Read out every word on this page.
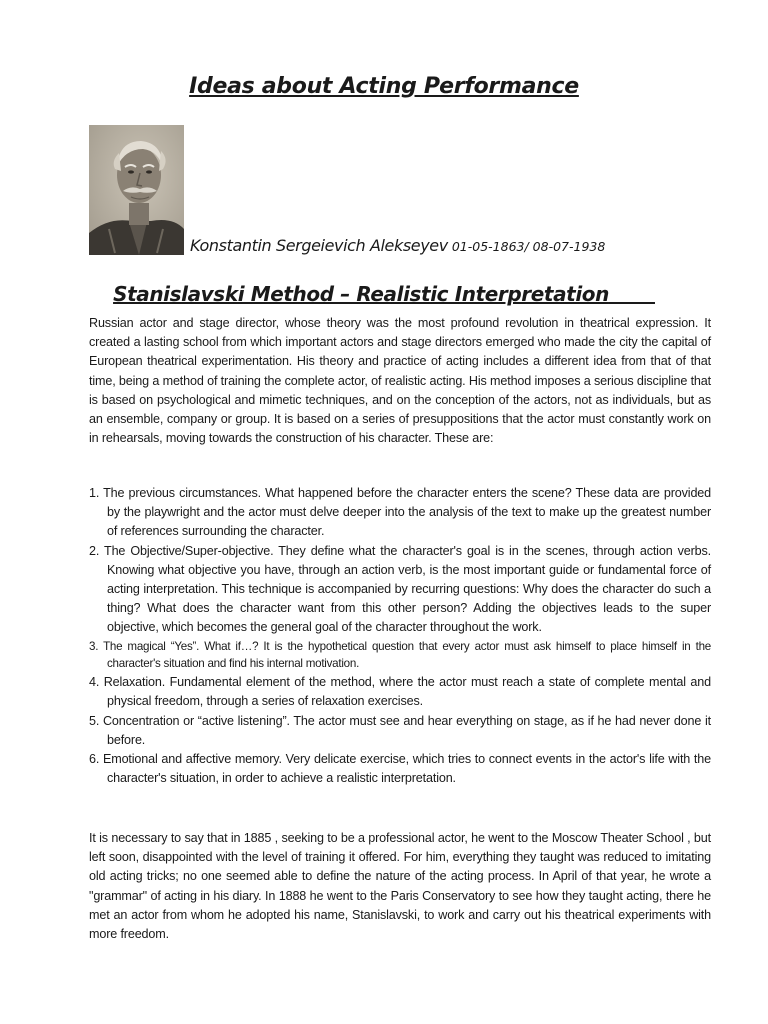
Ideas about Acting Performance
Konstantin Sergeievich Alekseyev 01-05-1863/ 08-07-1938
Stanislavski Method – Realistic Interpretation

Russian actor and stage director, whose theory was the most profound revolution in theatrical expression. It created a lasting school from which important actors and stage directors emerged who made the city the capital of European theatrical experimentation. His theory and practice of acting includes a different idea from that of that time, being a method of training the complete actor, of realistic acting. His method imposes a serious discipline that is based on psychological and mimetic techniques, and on the conception of the actors, not as individuals, but as an ensemble, company or group. It is based on a series of presuppositions that the actor must constantly work on in rehearsals, moving towards the construction of his character. These are:

1. The previous circumstances. What happened before the character enters the scene? These data are provided by the playwright and the actor must delve deeper into the analysis of the text to make up the greatest number of references surrounding the character.
2. The Objective/Super-objective. They define what the character's goal is in the scenes, through action verbs. Knowing what objective you have, through an action verb, is the most important guide or fundamental force of acting interpretation. This technique is accompanied by recurring questions: Why does the character do such a thing? What does the character want from this other person? Adding the objectives leads to the super objective, which becomes the general goal of the character throughout the work.
3. The magical “Yes”. What if…? It is the hypothetical question that every actor must ask himself to place himself in the character's situation and find his internal motivation.
4. Relaxation. Fundamental element of the method, where the actor must reach a state of complete mental and physical freedom, through a series of relaxation exercises.
5. Concentration or “active listening”. The actor must see and hear everything on stage, as if he had never done it before.
6. Emotional and affective memory. Very delicate exercise, which tries to connect events in the actor's life with the character's situation, in order to achieve a realistic interpretation.

It is necessary to say that in 1885 , seeking to be a professional actor, he went to the Moscow Theater School , but left soon, disappointed with the level of training it offered. For him, everything they taught was reduced to imitating old acting tricks; no one seemed able to define the nature of the acting process. In April of that year, he wrote a "grammar" of acting in his diary. In 1888 he went to the Paris Conservatory to see how they taught acting, there he met an actor from whom he adopted his name, Stanislavski, to work and carry out his theatrical experiments with more freedom.
